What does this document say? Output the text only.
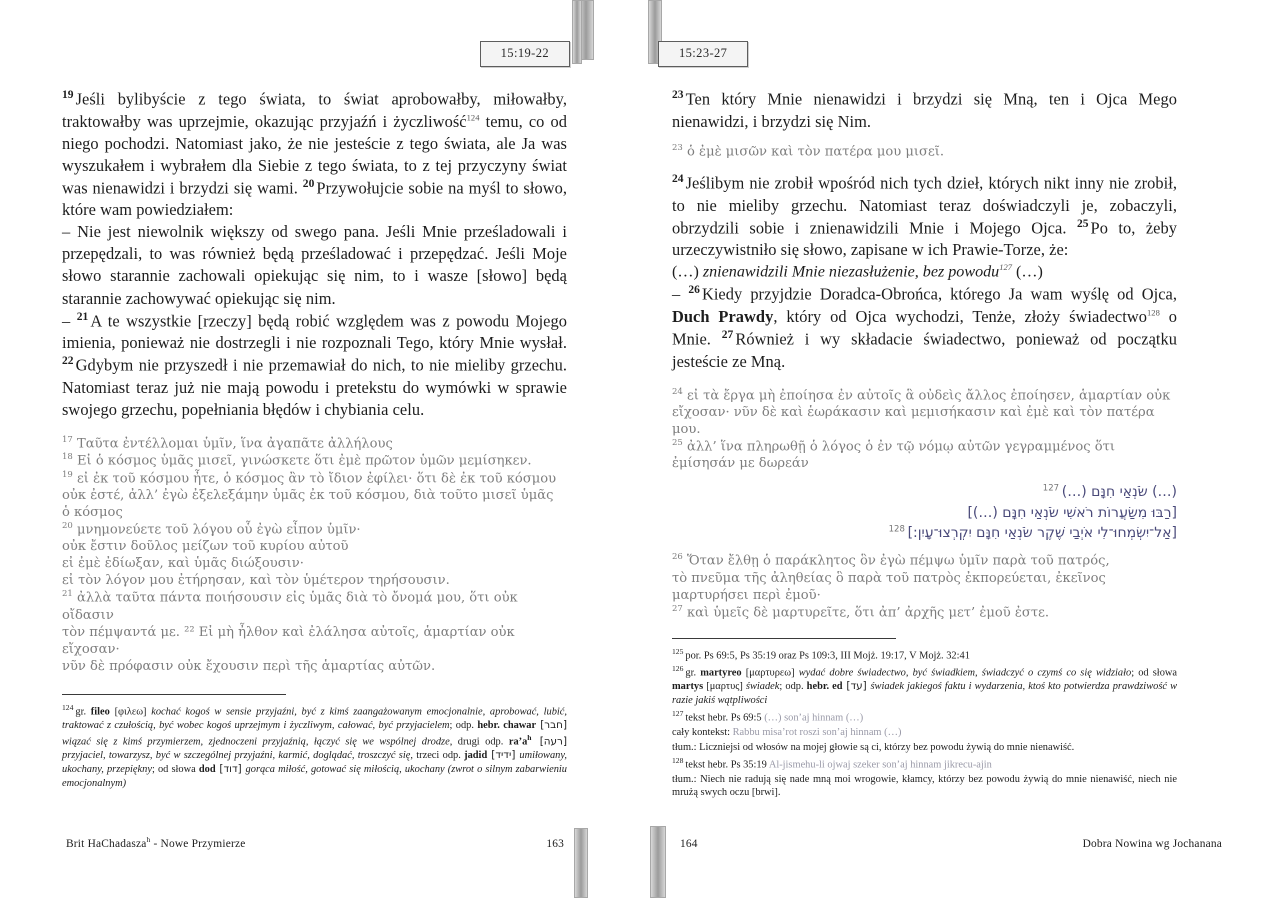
15:19-22

$^{19}$ Jeśli bylibyście z tego świata, to świat aprobowałby, miłowałby, traktowałby was uprzejmie, okazując przyjaźń i życzliwość$^{124}$ temu, co od niego pochodzi. Natomiast jako, że nie jesteście z tego świata, ale Ja was wyszukałem i wybrałem dla Siebie z tego świata, to z tej przyczyny świat was nienawidzi i brzydzi się wami. $^{20}$ Przywołujcie sobie na myśl to słowo, które wam powiedziałem:

– Nie jest niewolnik większy od swego pana. Jeśli Mnie prześladowali i przepędzali, to was również będą prześladować i przepędzać. Jeśli Moje słowo starannie zachowali opiekując się nim, to i wasze [słowo] będą starannie zachowywać opiekując się nim.

– $^{21}$ A te wszystkie [rzeczy] będą robić względem was z powodu Mojego imienia, ponieważ nie dostrzegli i nie rozpoznali Tego, który Mnie wysłał. $^{22}$ Gdybym nie przyszedł i nie przemawiał do nich, to nie mieliby grzechu. Natomiast teraz już nie mają powodu i pretekstu do wymówki w sprawie swojego grzechu, popełniania błędów i chybiania celu.

$^{17}$ Ταῦτα ἐντέλλομαι ὑμῖν, ἵνα ἀγαπᾶτε ἀλλήλους
$^{18}$ Εἰ ὁ κόσμος ὑμᾶς μισεῖ, γινώσκετε ὅτι ἐμὲ πρῶτον ὑμῶν μεμίσηκεν.
$^{19}$ εἰ ἐκ τοῦ κόσμου ἦτε, ὁ κόσμος ἂν τὸ ἴδιον ἐφίλει· ὅτι δὲ ἐκ τοῦ κόσμου
οὐκ ἐστέ, ἀλλ’ ἐγὼ ἐξελεξάμην ὑμᾶς ἐκ τοῦ κόσμου, διὰ τοῦτο μισεῖ ὑμᾶς
ὁ κόσμος
$^{20}$ μνημονεύετε τοῦ λόγου οὗ ἐγὼ εἶπον ὑμῖν·
οὐκ ἔστιν δοῦλος μείζων τοῦ κυρίου αὐτοῦ
εἰ ἐμὲ ἐδίωξαν, καὶ ὑμᾶς διώξουσιν·
εἰ τὸν λόγον μου ἐτήρησαν, καὶ τὸν ὑμέτερον τηρήσουσιν.
$^{21}$ ἀλλὰ ταῦτα πάντα ποιήσουσιν εἰς ὑμᾶς διὰ τὸ ὄνομά μου, ὅτι οὐκ οἴδασιν
τὸν πέμψαντά με. ²² Εἰ μὴ ἦλθον καὶ ἐλάλησα αὐτοῖς, ἁμαρτίαν οὐκ εἴχοσαν·
νῦν δὲ πρόφασιν οὐκ ἔχουσιν περὶ τῆς ἁμαρτίας αὐτῶν.

$^{124}$ gr. fileo [φιλεω] kochać kogoś w sensie przyjaźni, być z kimś zaangażowanym emocjonalnie, aprobować, lubić, traktować z czułością, być wobec kogoś uprzejmym i życzliwym, całować, być przyjacielem; odp. hebr. chawar [חבר] wiązać się z kimś przymierzem, zjednoczeni przyjaźnią, łączyć się we wspólnej drodze, drugi odp. $ra’a^h$ [רעה] przyjaciel, towarzysz, być w szczególnej przyjaźni, karmić, doglądać, troszczyć się, trzeci odp. jadid [ידיד] umiłowany, ukochany, przepiękny; od słowa dod [דוד] gorąca miłość, gotować się miłością, ukochany (zwrot o silnym zabarwieniu emocjonalnym)

Brit HaChadasza$^h$ - Nowe Przymierze	163
15:23-27

$^{23}$ Ten który Mnie nienawidzi i brzydzi się Mną, ten i Ojca Mego nienawidzi, i brzydzi się Nim.

$^{23}$ ὁ ἐμὲ μισῶν καὶ τὸν πατέρα μου μισεῖ.

$^{24}$ Jeślibym nie zrobił wpośród nich tych dzieł, których nikt inny nie zrobił, to nie mieliby grzechu. Natomiast teraz doświadczyli je, zobaczyli, obrzydzili sobie i znienawidzili Mnie i Mojego Ojca. $^{25}$ Po to, żeby urzeczywistniło się słowo, zapisane w ich Prawie-Torze, że:

(…) znienawidzili Mnie niezasłużenie, bez powodu$^{127}$ (…)

– $^{26}$ Kiedy przyjdzie Doradca-Obrońca, którego Ja wam wyślę od Ojca, Duch Prawdy, który od Ojca wychodzi, Tenże, złoży świadectwo$^{128}$ o Mnie. $^{27}$ Również i wy składacie świadectwo, ponieważ od początku jesteście ze Mną.

$^{24}$ εἰ τὰ ἔργα μὴ ἐποίησα ἐν αὐτοῖς ἃ οὐδεὶς ἄλλος ἐποίησεν, ἁμαρτίαν οὐκ
εἴχοσαν· νῦν δὲ καὶ ἑωράκασιν καὶ μεμισήκασιν καὶ ἐμὲ καὶ τὸν πατέρα μου.
$^{25}$ ἀλλ’ ἵνα πληρωθῇ ὁ λόγος ὁ ἐν τῷ νόμῳ αὐτῶν γεγραμμένος ὅτι
ἐμίσησάν με δωρεάν
(…) שֹׂנְאַי חִנָּם (…) $^{127}$
[רַבּוּ מִשַּׂעֲרוֹת רֹאשִׁי שֹׂנְאַי חִנָּם (…)]
[אַל־יִשְׂמְחוּ־לִי אֹיְבַי שֶׁקֶר שֹׂנְאַי חִנָּם יִקְרְצוּ־עָיִן:] $^{128}$
$^{26}$ Ὅταν ἔλθῃ ὁ παράκλητος ὃν ἐγὼ πέμψω ὑμῖν παρὰ τοῦ πατρός,
τὸ πνεῦμα τῆς ἀληθείας ὃ παρὰ τοῦ πατρὸς ἐκπορεύεται, ἐκεῖνος
μαρτυρήσει περὶ ἐμοῦ·
$^{27}$ καὶ ὑμεῖς δὲ μαρτυρεῖτε, ὅτι ἀπ’ ἀρχῆς μετ’ ἐμοῦ ἐστε.

$^{125}$ por. Ps 69:5, Ps 35:19 oraz Ps 109:3, III Mojż. 19:17, V Mojż. 32:41

$^{126}$ gr. martyreo [μαρτυρεω] wydać dobre świadectwo, być świadkiem, świadczyć o czymś co się widziało; od słowa martys [μαρτυς] świadek; odp. hebr. ed [עד] świadek jakiegoś faktu i wydarzenia, ktoś kto potwierdza prawdziwość w razie jakiś wątpliwości

$^{127}$ tekst hebr. Ps 69:5 (…) son’aj hinnam (…)

cały kontekst: Rabbu misa’rot roszi son’aj hinnam (…)

tłum.: Liczniejsi od włosów na mojej głowie są ci, którzy bez powodu żywią do mnie nienawiść.

$^{128}$ tekst hebr. Ps 35:19 Al-jismehu-li ojwaj szeker son’aj hinnam jikrecu-ajin

tłum.: Niech nie radują się nade mną moi wrogowie, kłamcy, którzy bez powodu żywią do mnie nienawiść, niech nie mrużą swych oczu [brwi].

164	Dobra Nowina wg Jochanana
